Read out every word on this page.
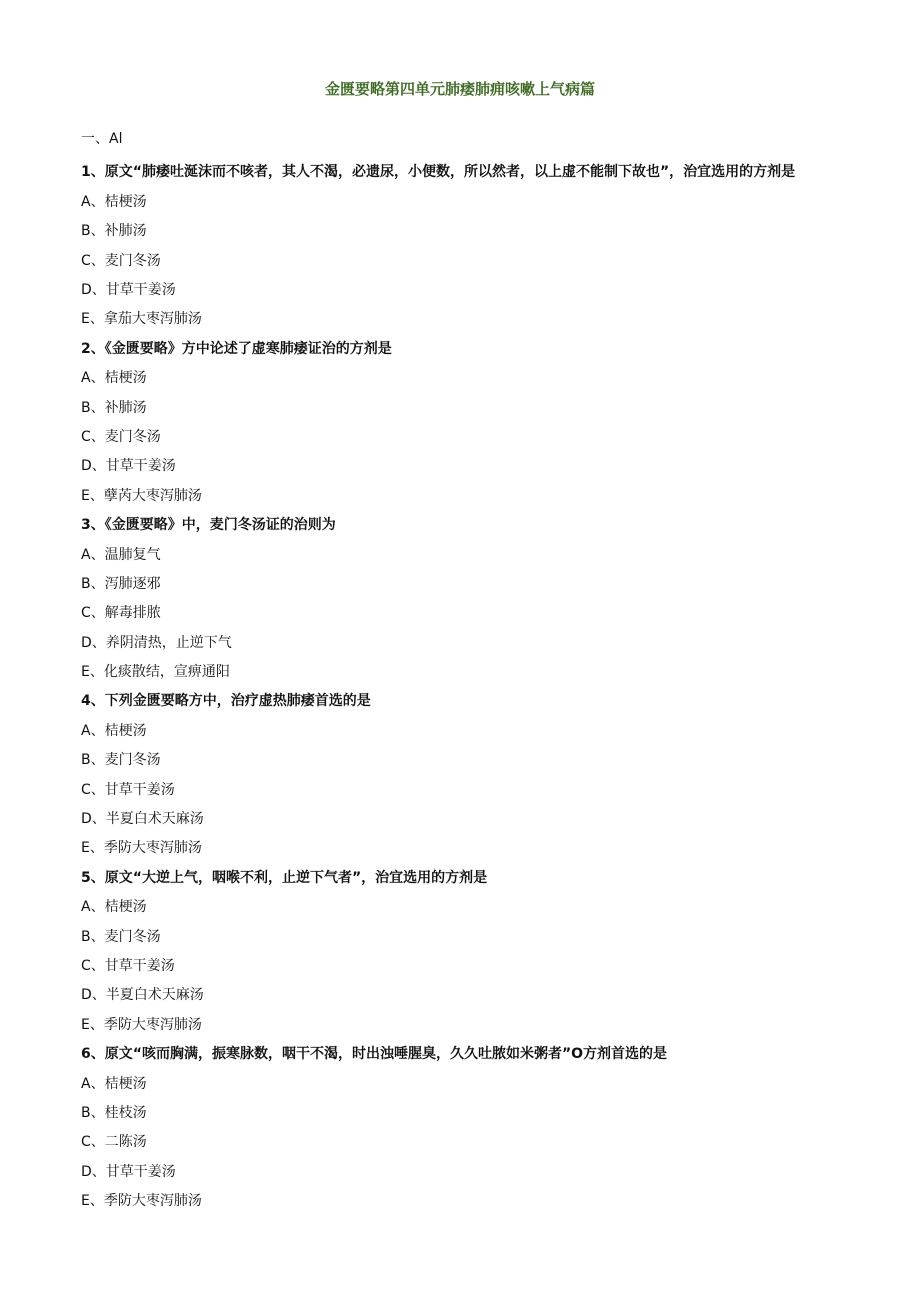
金匮要略第四单元肺痿肺痈咳嗽上气病篇
一、Al
1、原文“肺痿吐涎沫而不咳者，其人不渴，必遗尿，小便数，所以然者，以上虚不能制下故也”，治宜选用的方剂是
A、桔梗汤
B、补肺汤
C、麦门冬汤
D、甘草干姜汤
E、拿茄大枣泻肺汤
2、《金匮要略》方中论述了虚寒肺痿证治的方剂是
A、桔梗汤
B、补肺汤
C、麦门冬汤
D、甘草干姜汤
E、孽芮大枣泻肺汤
3、《金匮要略》中，麦门冬汤证的治则为
A、温肺复气
B、泻肺逐邪
C、解毒排脓
D、养阴清热，止逆下气
E、化痰散结，宣痹通阳
4、下列金匮要略方中，治疗虚热肺痿首选的是
A、桔梗汤
B、麦门冬汤
C、甘草干姜汤
D、半夏白术天麻汤
E、季防大枣泻肺汤
5、原文“大逆上气，咽喉不利，止逆下气者”，治宜选用的方剂是
A、桔梗汤
B、麦门冬汤
C、甘草干姜汤
D、半夏白术天麻汤
E、季防大枣泻肺汤
6、原文“咳而胸满，振寒脉数，咽干不渴，时出浊唾腥臭，久久吐脓如米粥者”O方剂首选的是
A、桔梗汤
B、桂枝汤
C、二陈汤
D、甘草干姜汤
E、季防大枣泻肺汤
